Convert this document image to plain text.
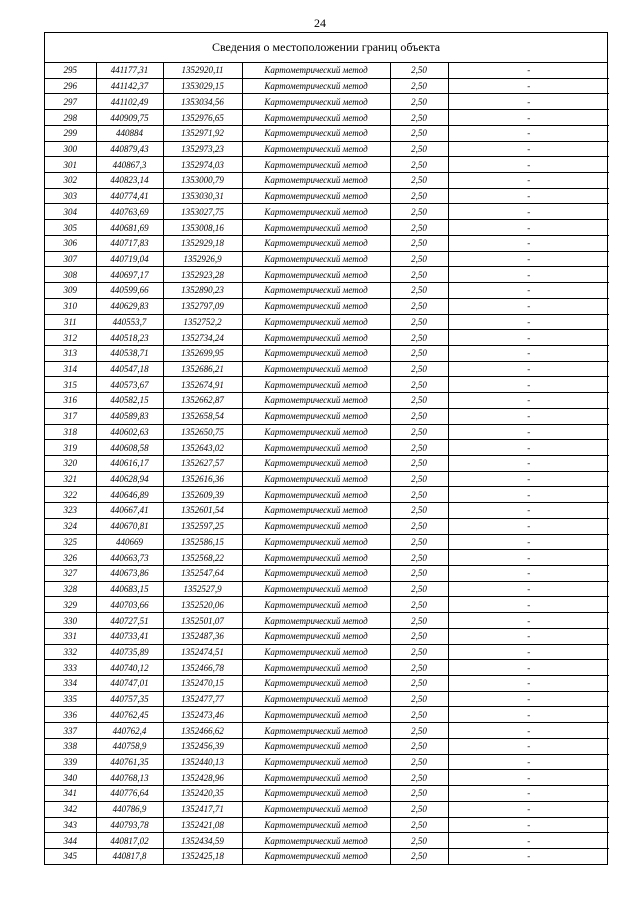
24
Сведения о местоположении границ объекта
295	441177,31	1352920,11	Картометрический метод	2,50	-
296	441142,37	1353029,15	Картометрический метод	2,50	-
297	441102,49	1353034,56	Картометрический метод	2,50	-
298	440909,75	1352976,65	Картометрический метод	2,50	-
299	440884	1352971,92	Картометрический метод	2,50	-
300	440879,43	1352973,23	Картометрический метод	2,50	-
301	440867,3	1352974,03	Картометрический метод	2,50	-
302	440823,14	1353000,79	Картометрический метод	2,50	-
303	440774,41	1353030,31	Картометрический метод	2,50	-
304	440763,69	1353027,75	Картометрический метод	2,50	-
305	440681,69	1353008,16	Картометрический метод	2,50	-
306	440717,83	1352929,18	Картометрический метод	2,50	-
307	440719,04	1352926,9	Картометрический метод	2,50	-
308	440697,17	1352923,28	Картометрический метод	2,50	-
309	440599,66	1352890,23	Картометрический метод	2,50	-
310	440629,83	1352797,09	Картометрический метод	2,50	-
311	440553,7	1352752,2	Картометрический метод	2,50	-
312	440518,23	1352734,24	Картометрический метод	2,50	-
313	440538,71	1352699,95	Картометрический метод	2,50	-
314	440547,18	1352686,21	Картометрический метод	2,50	-
315	440573,67	1352674,91	Картометрический метод	2,50	-
316	440582,15	1352662,87	Картометрический метод	2,50	-
317	440589,83	1352658,54	Картометрический метод	2,50	-
318	440602,63	1352650,75	Картометрический метод	2,50	-
319	440608,58	1352643,02	Картометрический метод	2,50	-
320	440616,17	1352627,57	Картометрический метод	2,50	-
321	440628,94	1352616,36	Картометрический метод	2,50	-
322	440646,89	1352609,39	Картометрический метод	2,50	-
323	440667,41	1352601,54	Картометрический метод	2,50	-
324	440670,81	1352597,25	Картометрический метод	2,50	-
325	440669	1352586,15	Картометрический метод	2,50	-
326	440663,73	1352568,22	Картометрический метод	2,50	-
327	440673,86	1352547,64	Картометрический метод	2,50	-
328	440683,15	1352527,9	Картометрический метод	2,50	-
329	440703,66	1352520,06	Картометрический метод	2,50	-
330	440727,51	1352501,07	Картометрический метод	2,50	-
331	440733,41	1352487,36	Картометрический метод	2,50	-
332	440735,89	1352474,51	Картометрический метод	2,50	-
333	440740,12	1352466,78	Картометрический метод	2,50	-
334	440747,01	1352470,15	Картометрический метод	2,50	-
335	440757,35	1352477,77	Картометрический метод	2,50	-
336	440762,45	1352473,46	Картометрический метод	2,50	-
337	440762,4	1352466,62	Картометрический метод	2,50	-
338	440758,9	1352456,39	Картометрический метод	2,50	-
339	440761,35	1352440,13	Картометрический метод	2,50	-
340	440768,13	1352428,96	Картометрический метод	2,50	-
341	440776,64	1352420,35	Картометрический метод	2,50	-
342	440786,9	1352417,71	Картометрический метод	2,50	-
343	440793,78	1352421,08	Картометрический метод	2,50	-
344	440817,02	1352434,59	Картометрический метод	2,50	-
345	440817,8	1352425,18	Картометрический метод	2,50	-
